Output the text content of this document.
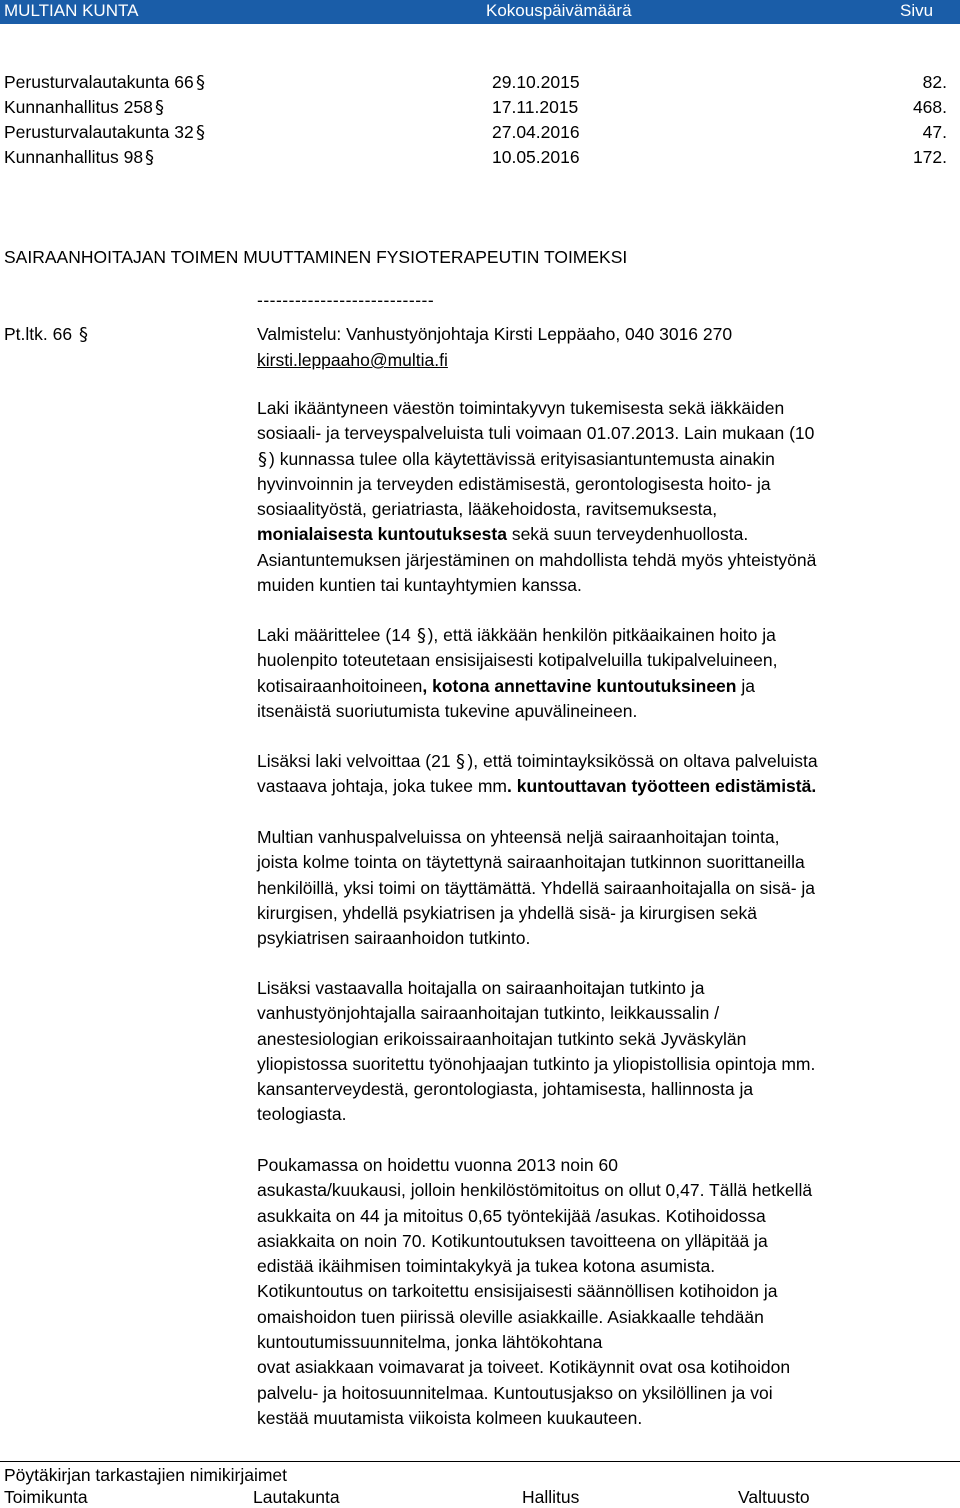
MULTIAN KUNTA	Kokouspäivämäärä	Sivu
Perusturvalautakunta 66 §	29.10.2015	82.
Kunnanhallitus 258 §	17.11.2015	468.
Perusturvalautakunta 32 §	27.04.2016	47.
Kunnanhallitus 98 §	10.05.2016	172.
SAIRAANHOITAJAN TOIMEN MUUTTAMINEN FYSIOTERAPEUTIN TOIMEKSI
----------------------------
Pt.ltk. 66 §	Valmistelu: Vanhustyönjohtaja Kirsti Leppäaho, 040 3016 270
kirsti.leppaaho@multia.fi
Laki ikääntyneen väestön toimintakyvyn tukemisesta sekä iäkkäiden
sosiaali- ja terveyspalveluista tuli voimaan 01.07.2013. Lain mukaan (10
§ ) kunnassa tulee olla käytettävissä erityisasiantuntemusta ainakin
hyvinvoinnin ja terveyden edistämisestä, gerontologisesta hoito- ja
sosiaalityöstä, geriatriasta, lääkehoidosta, ravitsemuksesta,
monialaisesta kuntoutuksesta sekä suun terveydenhuollosta.
Asiantuntemuksen järjestäminen on mahdollista tehdä myös yhteistyönä
muiden kuntien tai kuntayhtymien kanssa.
Laki määrittelee (14 § ), että iäkkään henkilön pitkäaikainen hoito ja
huolenpito toteutetaan ensisijaisesti kotipalveluilla tukipalveluineen,
kotisairaanhoitoineen, kotona annettavine kuntoutuksineen ja
itsenäistä suoriutumista tukevine apuvälineineen.
Lisäksi laki velvoittaa (21 § ), että toimintayksikössä on oltava palveluista
vastaava johtaja, joka tukee mm. kuntouttavan työotteen edistämistä.
Multian vanhuspalveluissa on yhteensä neljä sairaanhoitajan tointa,
joista kolme tointa on täytettynä sairaanhoitajan tutkinnon suorittaneilla
henkilöillä, yksi toimi on täyttämättä. Yhdellä sairaanhoitajalla on sisä- ja
kirurgisen, yhdellä psykiatrisen ja yhdellä sisä- ja kirurgisen sekä
psykiatrisen sairaanhoidon tutkinto.
Lisäksi vastaavalla hoitajalla on sairaanhoitajan tutkinto ja
vanhustyönjohtajalla sairaanhoitajan tutkinto, leikkaussalin /
anestesiologian erikoissairaanhoitajan tutkinto sekä Jyväskylän
yliopistossa suoritettu työnohjaajan tutkinto ja yliopistollisia opintoja mm.
kansanterveydestä, gerontologiasta, johtamisesta, hallinnosta ja
teologiasta.
Poukamassa on hoidettu vuonna 2013 noin 60
asukasta/kuukausi, jolloin henkilöstömitoitus on ollut 0,47. Tällä hetkellä
asukkaita on 44 ja mitoitus 0,65 työntekijää /asukas. Kotihoidossa
asiakkaita on noin 70. Kotikuntoutuksen tavoitteena on ylläpitää ja
edistää ikäihmisen toimintakykyä ja tukea kotona asumista.
Kotikuntoutus on tarkoitettu ensisijaisesti säännöllisen kotihoidon ja
omaishoidon tuen piirissä oleville asiakkaille. Asiakkaalle tehdään
kuntoutumissuunnitelma, jonka lähtökohtana
ovat asiakkaan voimavarat ja toiveet. Kotikäynnit ovat osa kotihoidon
palvelu- ja hoitosuunnitelmaa. Kuntoutusjakso on yksilöllinen ja voi
kestää muutamista viikoista kolmeen kuukauteen.
Pöytäkirjan tarkastajien nimikirjaimet
Toimikunta	Lautakunta	Hallitus	Valtuusto
